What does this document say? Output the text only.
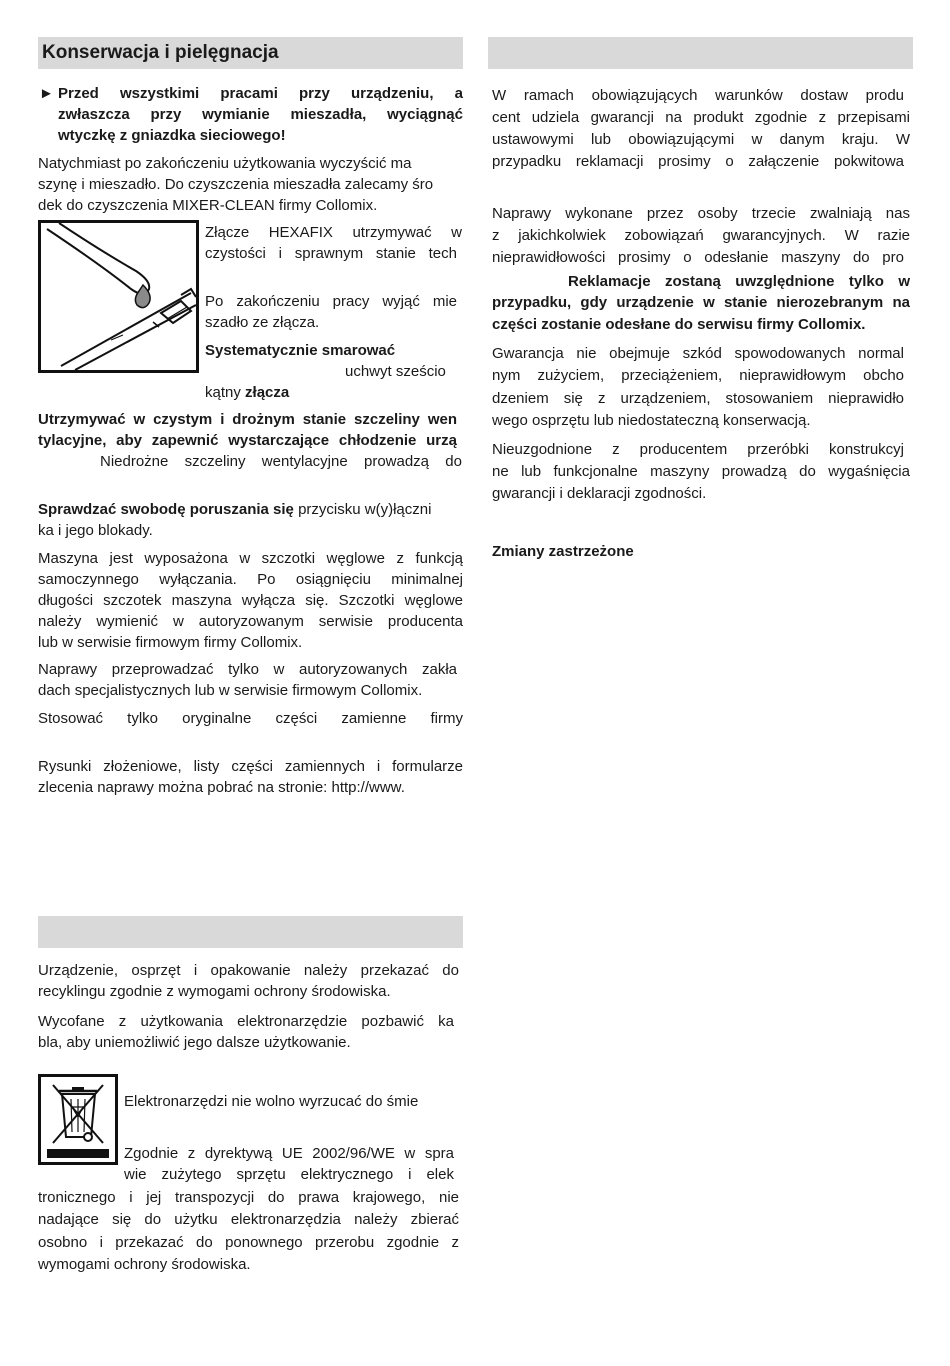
Konserwacja i pielęgnacja
► Przed wszystkimi pracami przy urządzeniu, a
zwłaszcza przy wymianie mieszadła, wyciągnąć
wtyczkę z gniazdka sieciowego!
Natychmiast po zakończeniu użytkowania wyczyścić ma
szynę i mieszadło. Do czyszczenia mieszadła zalecamy śro
dek do czyszczenia MIXER-CLEAN firmy Collomix.
Złącze HEXAFIX utrzymywać w
czystości i sprawnym stanie tech
Po zakończeniu pracy wyjąć mie
szadło ze złącza.
Systematycznie smarować
uchwyt sześcio
kątny złącza
Utrzymywać w czystym i drożnym stanie szczeliny wen
tylacyjne, aby zapewnić wystarczające chłodzenie urzą
Niedrożne szczeliny wentylacyjne prowadzą do
Sprawdzać swobodę poruszania się przycisku w(y)łączni
ka i jego blokady.
Maszyna jest wyposażona w szczotki węglowe z funkcją
samoczynnego wyłączania. Po osiągnięciu minimalnej
długości szczotek maszyna wyłącza się. Szczotki węglowe
należy wymienić w autoryzowanym serwisie producenta
lub w serwisie firmowym firmy Collomix.
Naprawy przeprowadzać tylko w autoryzowanych zakła
dach specjalistycznych lub w serwisie firmowym Collomix.
Stosować tylko oryginalne części zamienne firmy
Rysunki złożeniowe, listy części zamiennych i formularze
zlecenia naprawy można pobrać na stronie: http://www.
Urządzenie, osprzęt i opakowanie należy przekazać do
recyklingu zgodnie z wymogami ochrony środowiska.
Wycofane z użytkowania elektronarzędzie pozbawić ka
bla, aby uniemożliwić jego dalsze użytkowanie.
Elektronarzędzi nie wolno wyrzucać do śmie
Zgodnie z dyrektywą UE 2002/96/WE w spra
wie zużytego sprzętu elektrycznego i elek
tronicznego i jej transpozycji do prawa krajowego, nie
nadające się do użytku elektronarzędzia należy zbierać
osobno i przekazać do ponownego przerobu zgodnie z
wymogami ochrony środowiska.
W ramach obowiązujących warunków dostaw produ
cent udziela gwarancji na produkt zgodnie z przepisami
ustawowymi lub obowiązującymi w danym kraju. W
przypadku reklamacji prosimy o załączenie pokwitowa
Naprawy wykonane przez osoby trzecie zwalniają nas
z jakichkolwiek zobowiązań gwarancyjnych. W razie
nieprawidłowości prosimy o odesłanie maszyny do pro
Reklamacje zostaną uwzględnione tylko w
przypadku, gdy urządzenie w stanie nierozebranym na
części zostanie odesłane do serwisu firmy Collomix.
Gwarancja nie obejmuje szkód spowodowanych normal
nym zużyciem, przeciążeniem, nieprawidłowym obcho
dzeniem się z urządzeniem, stosowaniem nieprawidło
wego osprzętu lub niedostateczną konserwacją.
Nieuzgodnione z producentem przeróbki konstrukcyj
ne lub funkcjonalne maszyny prowadzą do wygaśnięcia
gwarancji i deklaracji zgodności.
Zmiany zastrzeżone
